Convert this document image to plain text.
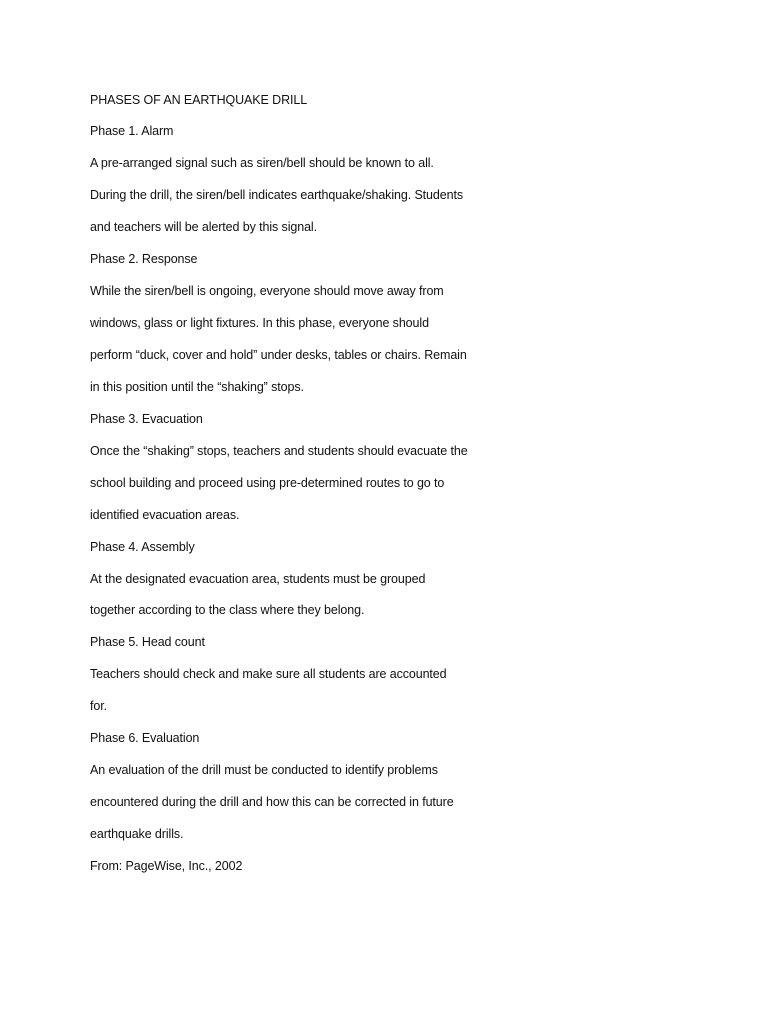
PHASES OF AN EARTHQUAKE DRILL

Phase 1. Alarm

A pre-arranged signal such as siren/bell should be known to all.

During the drill, the siren/bell indicates earthquake/shaking. Students

and teachers will be alerted by this signal.

Phase 2. Response

While the siren/bell is ongoing, everyone should move away from

windows, glass or light fixtures. In this phase, everyone should

perform “duck, cover and hold” under desks, tables or chairs. Remain

in this position until the “shaking” stops.

Phase 3. Evacuation

Once the “shaking” stops, teachers and students should evacuate the

school building and proceed using pre-determined routes to go to

identified evacuation areas.

Phase 4. Assembly

At the designated evacuation area, students must be grouped

together according to the class where they belong.

Phase 5. Head count

Teachers should check and make sure all students are accounted

for.

Phase 6. Evaluation

An evaluation of the drill must be conducted to identify problems

encountered during the drill and how this can be corrected in future

earthquake drills.

From: PageWise, Inc., 2002
